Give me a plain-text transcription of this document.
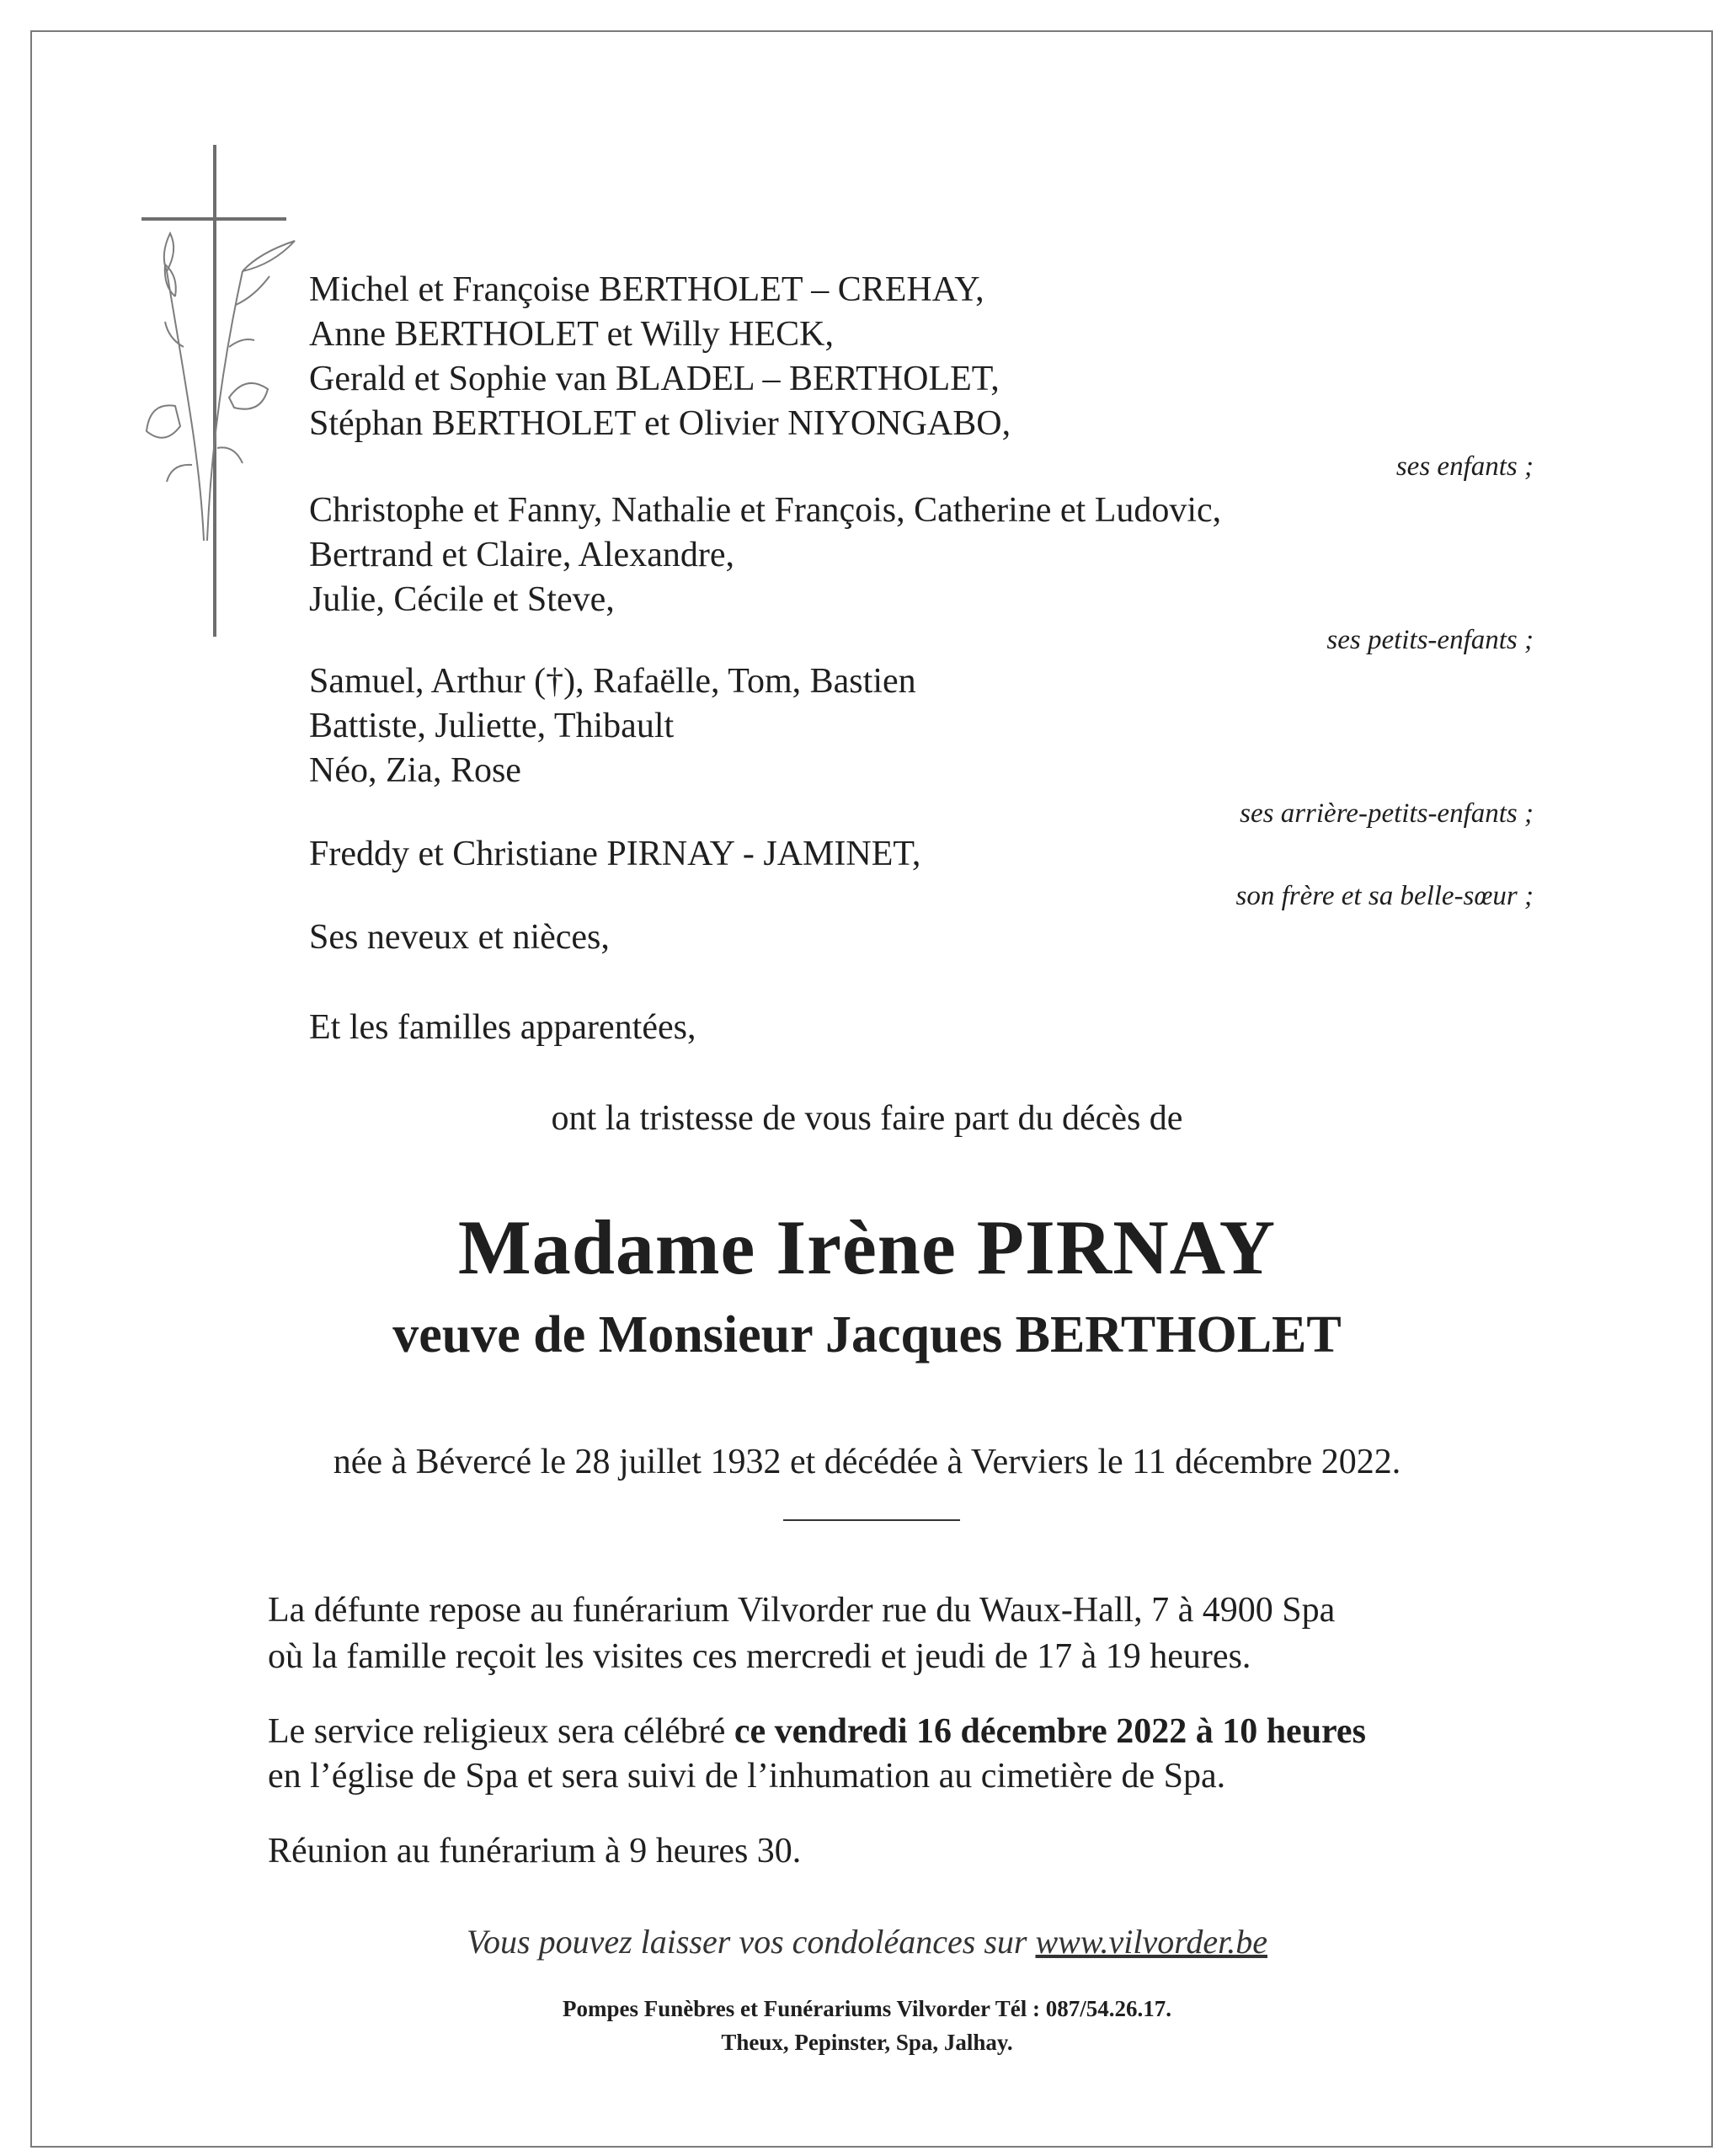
Michel et Françoise BERTHOLET – CREHAY,
Anne BERTHOLET et Willy HECK,
Gerald et Sophie van BLADEL – BERTHOLET,
Stéphan BERTHOLET et Olivier NIYONGABO,
ses enfants ;
Christophe et Fanny, Nathalie et François, Catherine et Ludovic,
Bertrand et Claire, Alexandre,
Julie, Cécile et Steve,
ses petits-enfants ;
Samuel, Arthur (†), Rafaëlle, Tom, Bastien
Battiste, Juliette, Thibault
Néo, Zia, Rose
ses arrière-petits-enfants ;
Freddy et Christiane PIRNAY - JAMINET,
son frère et sa belle-sœur ;
Ses neveux et nièces,
Et les familles apparentées,
ont la tristesse de vous faire part du décès de
Madame Irène PIRNAY
veuve de Monsieur Jacques BERTHOLET
née à Bévercé le 28 juillet 1932 et décédée à Verviers le 11 décembre 2022.
La défunte repose au funérarium Vilvorder rue du Waux-Hall, 7 à 4900 Spa
où la famille reçoit les visites ces mercredi et jeudi de 17 à 19 heures.
Le service religieux sera célébré ce vendredi 16 décembre 2022 à 10 heures
en l’église de Spa et sera suivi de l’inhumation au cimetière de Spa.
Réunion au funérarium à 9 heures 30.
Vous pouvez laisser vos condoléances sur www.vilvorder.be
Pompes Funèbres et Funérariums Vilvorder Tél : 087/54.26.17.
Theux, Pepinster, Spa, Jalhay.
